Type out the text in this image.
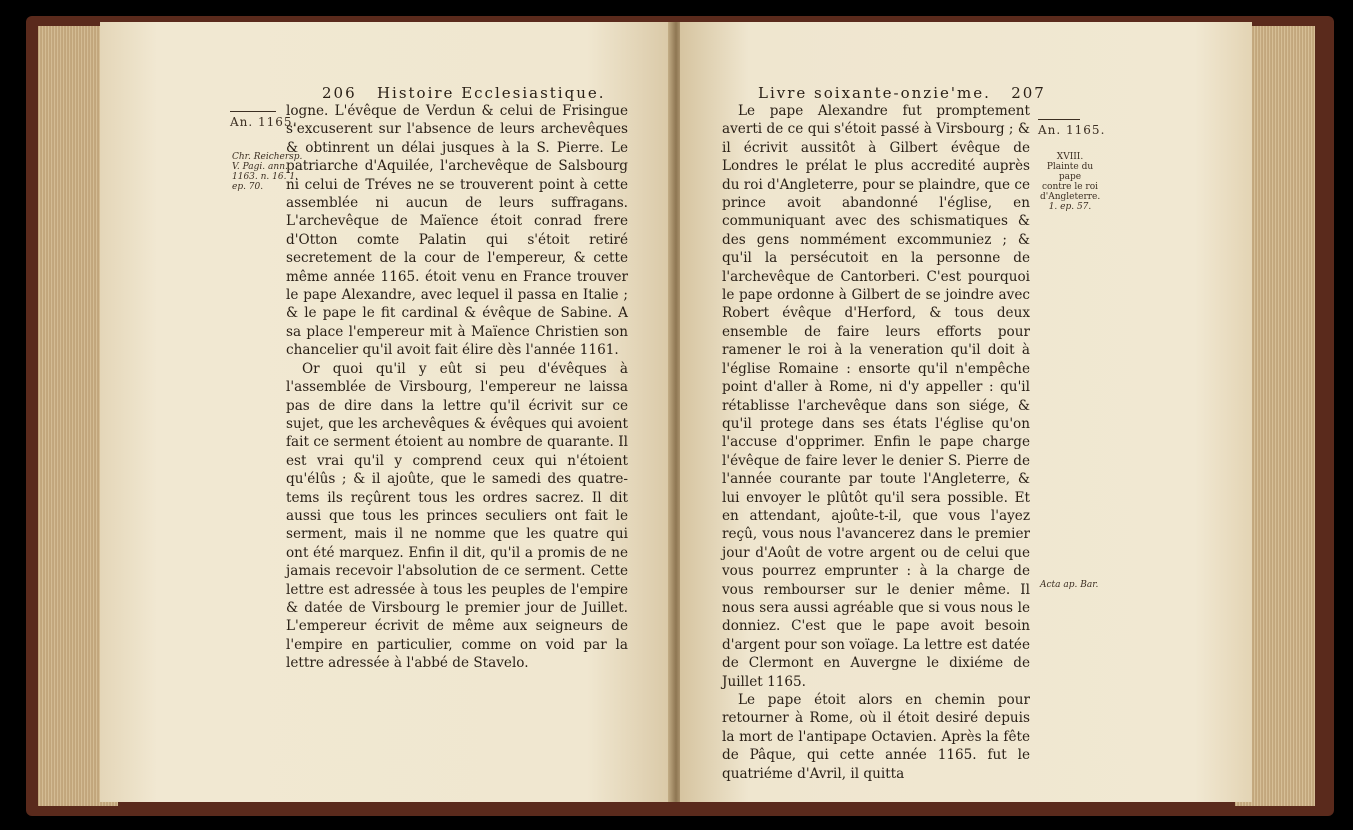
206 Histoire Ecclesiastique.
An. 1165.
Chr. Reichersp.
V. Pagi. ann.
1163. n. 16. 1.
ep. 70.

logne. L'évêque de Verdun & celui de Frisingue s'excuserent sur l'absence de leurs archevêques & obtinrent un délai jusques à la S. Pierre. Le patriarche d'Aquilée, l'archevêque de Salsbourg ni celui de Tréves ne se trouverent point à cette assemblée ni aucun de leurs suffragans. L'archevêque de Maïence étoit conrad frere d'Otton comte Palatin qui s'étoit retiré secretement de la cour de l'empereur, & cette même année 1165. étoit venu en France trouver le pape Alexandre, avec lequel il passa en Italie ; & le pape le fit cardinal & évêque de Sabine. A sa place l'empereur mit à Maïence Christien son chancelier qu'il avoit fait élire dès l'année 1161.

Or quoi qu'il y eût si peu d'évêques à l'assemblée de Virsbourg, l'empereur ne laissa pas de dire dans la lettre qu'il écrivit sur ce sujet, que les archevêques & évêques qui avoient fait ce serment étoient au nombre de quarante. Il est vrai qu'il y comprend ceux qui n'étoient qu'élûs ; & il ajoûte, que le samedi des quatre-tems ils reçûrent tous les ordres sacrez. Il dit aussi que tous les princes seculiers ont fait le serment, mais il ne nomme que les quatre qui ont été marquez. Enfin il dit, qu'il a promis de ne jamais recevoir l'absolution de ce serment. Cette lettre est adressée à tous les peuples de l'empire & datée de Virsbourg le premier jour de Juillet. L'empereur écrivit de même aux seigneurs de l'empire en particulier, comme on void par la lettre adressée à l'abbé de Stavelo.

Livre soixante-onzie'me. 207

Le pape Alexandre fut promptement averti de ce qui s'étoit passé à Virsbourg ; & il écrivit aussitôt à Gilbert évêque de Londres le prélat le plus accredité auprès du roi d'Angleterre, pour se plaindre, que ce prince avoit abandonné l'église, en communiquant avec des schismatiques & des gens nommément excommuniez ; & qu'il la persécutoit en la personne de l'archevêque de Cantorberi. C'est pourquoi le pape ordonne à Gilbert de se joindre avec Robert évêque d'Herford, & tous deux ensemble de faire leurs efforts pour ramener le roi à la veneration qu'il doit à l'église Romaine : ensorte qu'il n'empêche point d'aller à Rome, ni d'y appeller : qu'il rétablisse l'archevêque dans son siége, & qu'il protege dans ses états l'église qu'on l'accuse d'opprimer. Enfin le pape charge l'évêque de faire lever le denier S. Pierre de l'année courante par toute l'Angleterre, & lui envoyer le plûtôt qu'il sera possible. Et en attendant, ajoûte-t-il, que vous l'ayez reçû, vous nous l'avancerez dans le premier jour d'Août de votre argent ou de celui que vous pourrez emprunter : à la charge de vous rembourser sur le denier même. Il nous sera aussi agréable que si vous nous le donniez. C'est que le pape avoit besoin d'argent pour son voïage. La lettre est datée de Clermont en Auvergne le dixiéme de Juillet 1165.

Le pape étoit alors en chemin pour retourner à Rome, où il étoit desiré depuis la mort de l'antipape Octavien. Après la fête de Pâque, qui cette année 1165. fut le quatriéme d'Avril, il quitta

An. 1165.
XVIII.
Plainte du pape
contre le roi
d'Angleterre.
1. ep. 57.
Acta ap. Bar.
